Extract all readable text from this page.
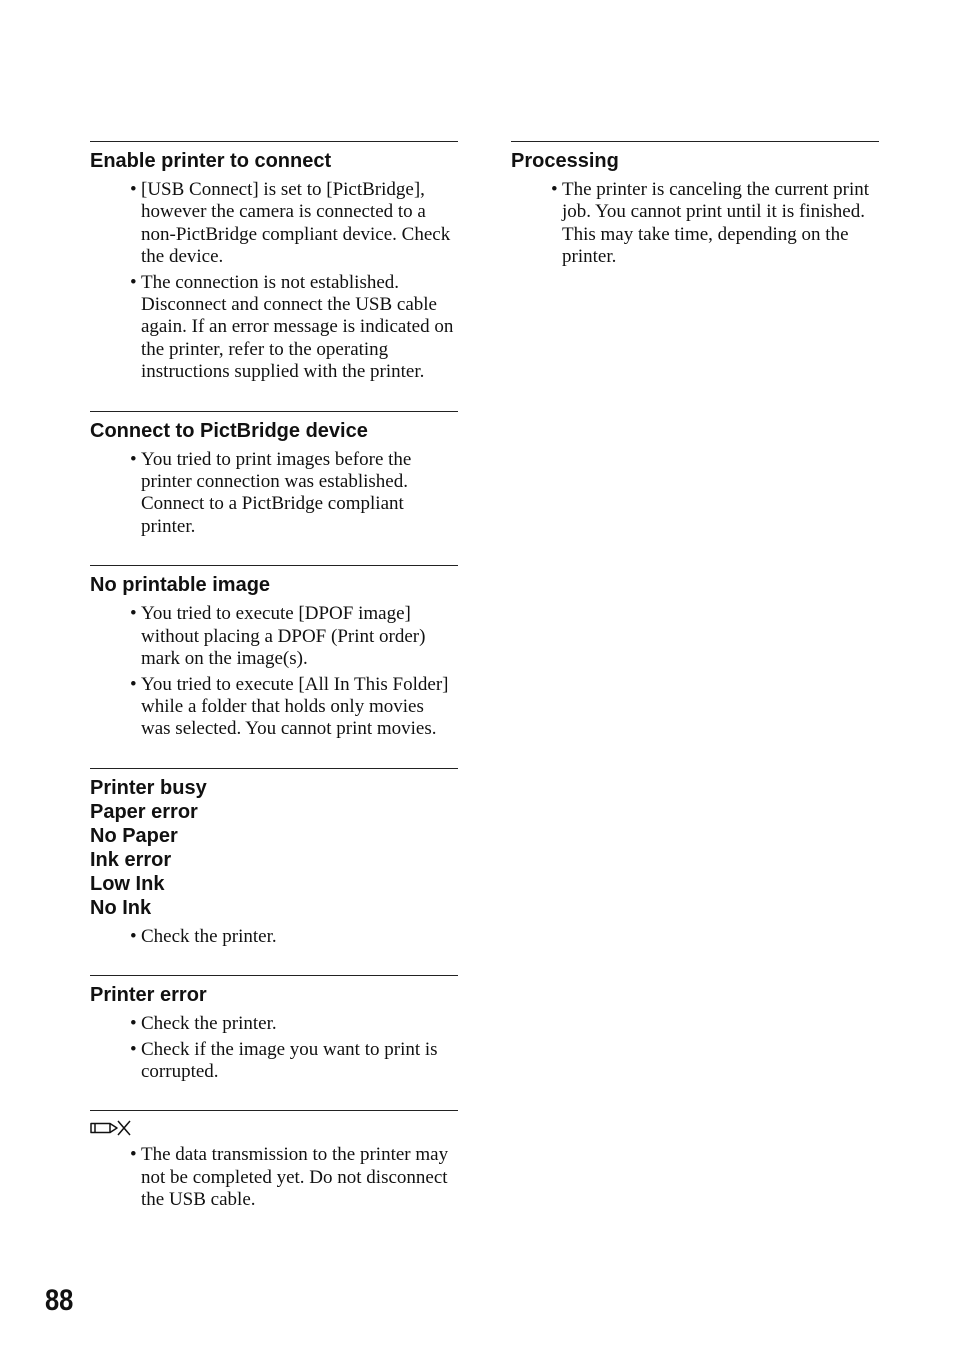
Enable printer to connect
• [USB Connect] is set to [PictBridge], however the camera is connected to a non-PictBridge compliant device. Check the device.
• The connection is not established. Disconnect and connect the USB cable again. If an error message is indicated on the printer, refer to the operating instructions supplied with the printer.
Connect to PictBridge device
• You tried to print images before the printer connection was established. Connect to a PictBridge compliant printer.
No printable image
• You tried to execute [DPOF image] without placing a DPOF (Print order) mark on the image(s).
• You tried to execute [All In This Folder] while a folder that holds only movies was selected. You cannot print movies.
Printer busy
Paper error
No Paper
Ink error
Low Ink
No Ink
• Check the printer.
Printer error
• Check the printer.
• Check if the image you want to print is corrupted.
• The data transmission to the printer may not be completed yet. Do not disconnect the USB cable.
Processing
• The printer is canceling the current print job. You cannot print until it is finished. This may take time, depending on the printer.
88
